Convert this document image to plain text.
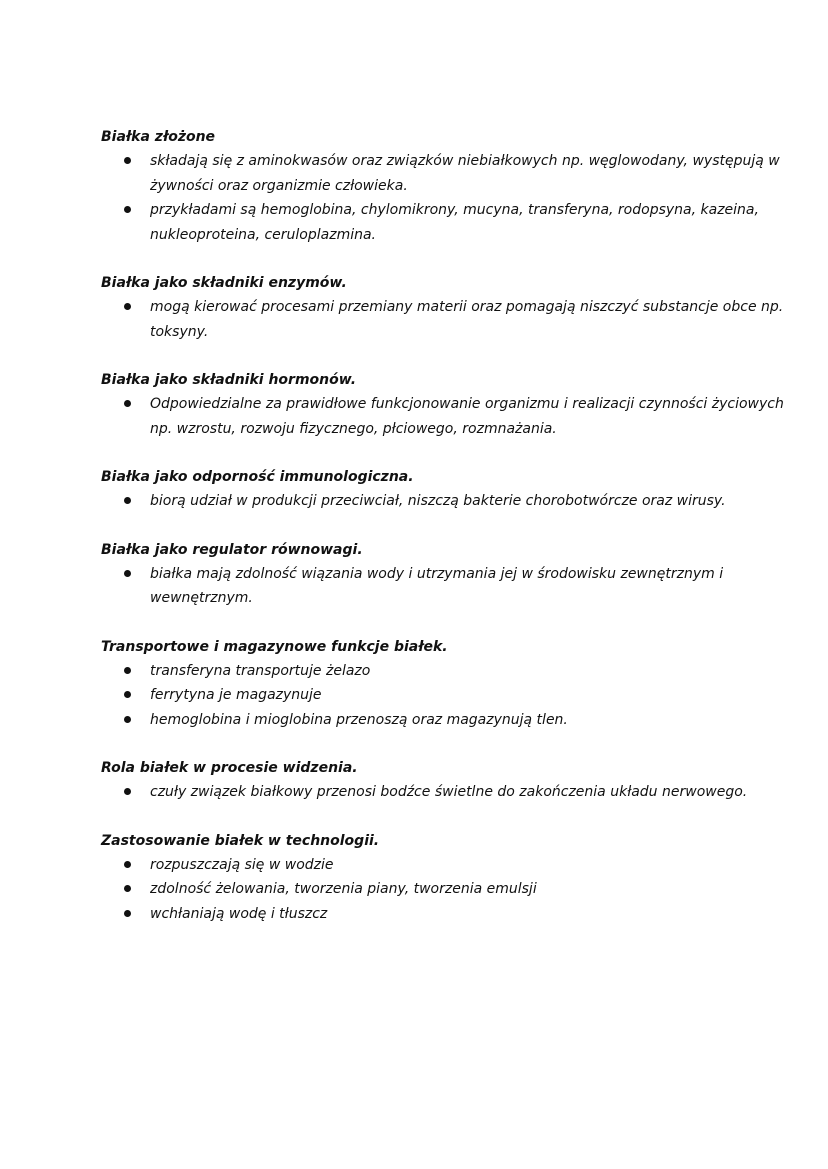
Białka złożone
składają się z aminokwasów oraz związków niebiałkowych np. węglowodany, występują w żywności oraz organizmie człowieka.
przykładami są hemoglobina, chylomikrony, mucyna, transferyna, rodopsyna, kazeina, nukleoproteina, ceruloplazmina.
Białka jako składniki enzymów.
mogą kierować procesami przemiany materii oraz pomagają niszczyć substancje obce np. toksyny.
Białka jako składniki hormonów.
Odpowiedzialne za prawidłowe funkcjonowanie organizmu i realizacji czynności życiowych np. wzrostu, rozwoju fizycznego, płciowego, rozmnażania.
Białka jako odporność immunologiczna.
biorą udział w produkcji przeciwciał, niszczą bakterie chorobotwórcze oraz wirusy.
Białka jako regulator równowagi.
białka mają zdolność wiązania wody i utrzymania jej w środowisku zewnętrznym i wewnętrznym.
Transportowe i magazynowe funkcje białek.
transferyna transportuje żelazo
ferrytyna je magazynuje
hemoglobina i mioglobina przenoszą oraz magazynują tlen.
Rola białek w procesie widzenia.
czuły związek białkowy przenosi bodźce świetlne do zakończenia układu nerwowego.
Zastosowanie białek w technologii.
rozpuszczają się w wodzie
zdolność żelowania, tworzenia piany, tworzenia emulsji
wchłaniają wodę i tłuszcz
